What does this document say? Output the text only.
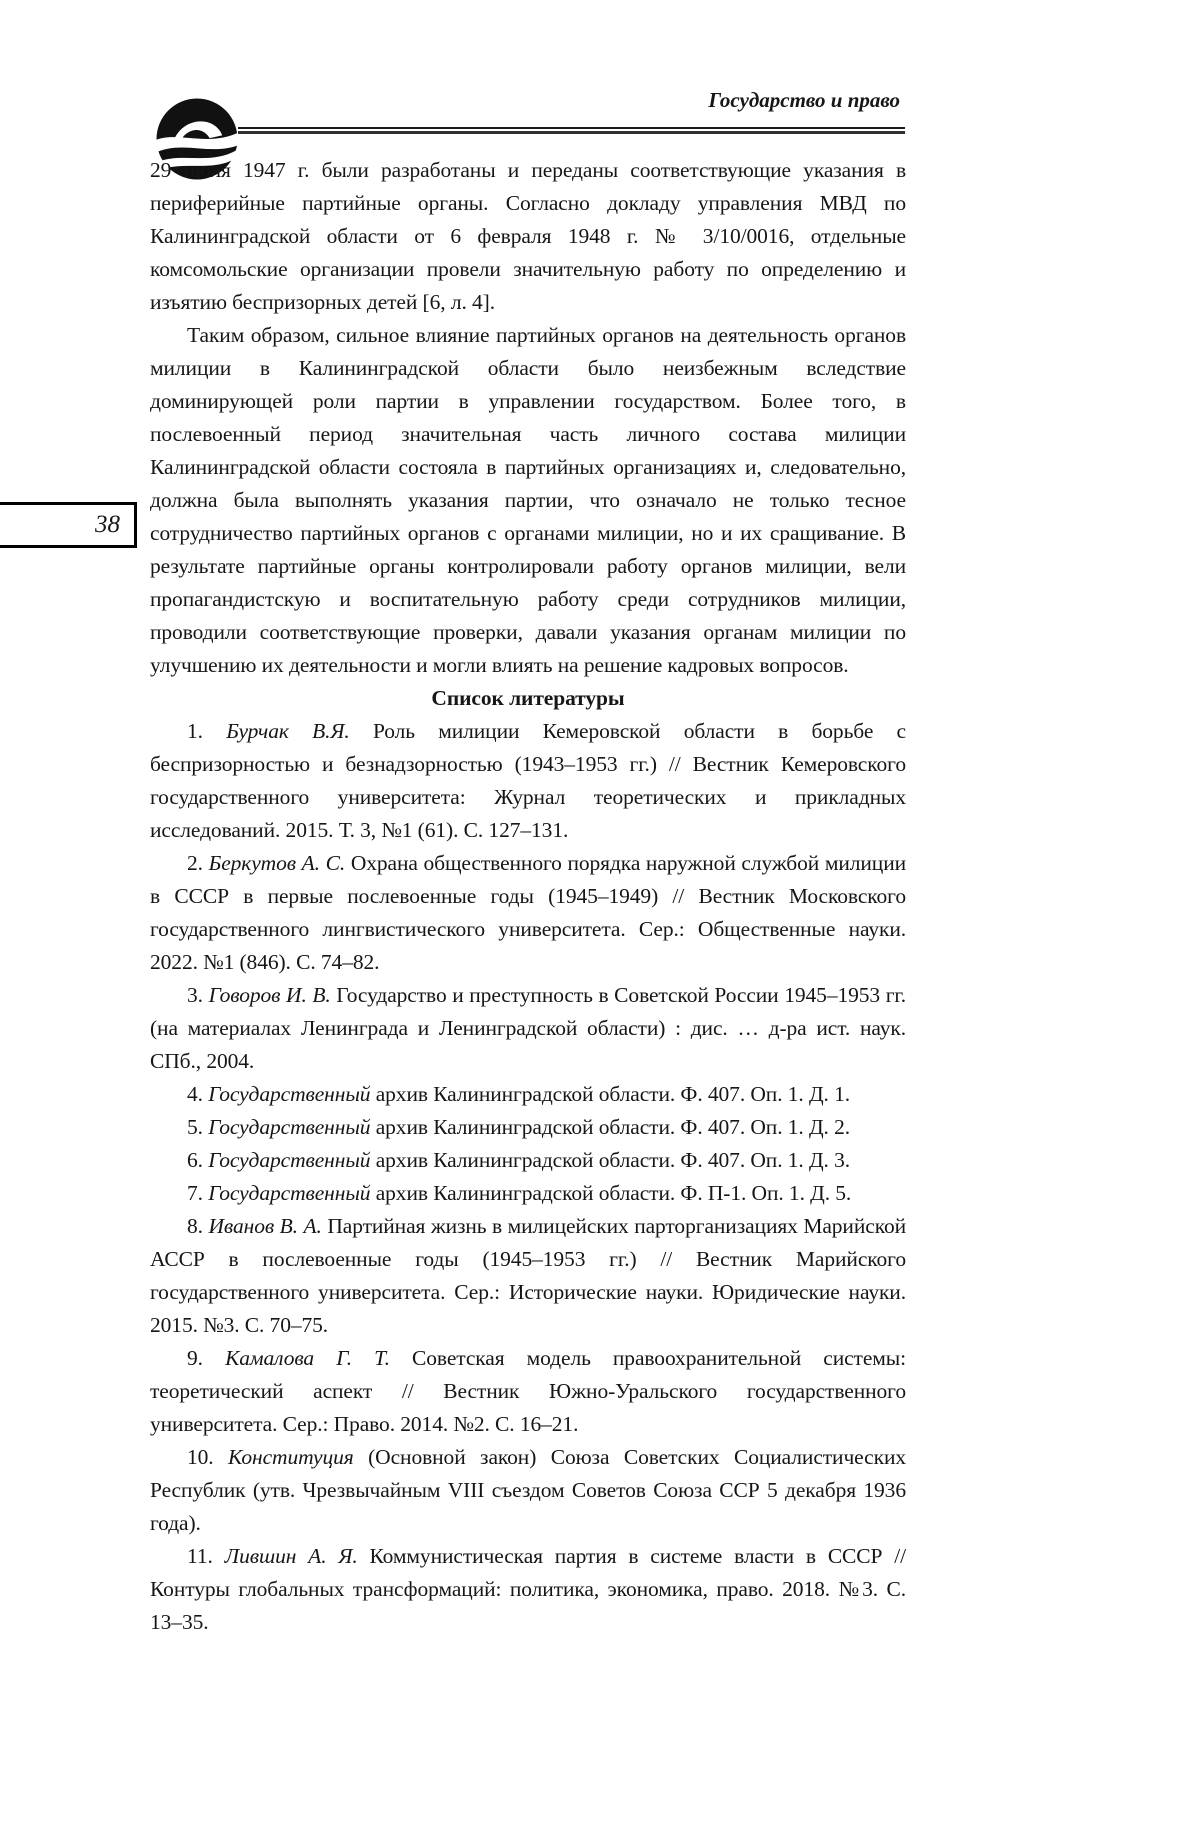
Государство и право
38

29 июля 1947 г. были разработаны и переданы соответствующие указания в периферийные партийные органы. Согласно докладу управления МВД по Калининградской области от 6 февраля 1948 г. № 3/10/0016, отдельные комсомольские организации провели значительную работу по определению и изъятию беспризорных детей [6, л. 4].

Таким образом, сильное влияние партийных органов на деятельность органов милиции в Калининградской области было неизбежным вследствие доминирующей роли партии в управлении государством. Более того, в послевоенный период значительная часть личного состава милиции Калининградской области состояла в партийных организациях и, следовательно, должна была выполнять указания партии, что означало не только тесное сотрудничество партийных органов с органами милиции, но и их сращивание. В результате партийные органы контролировали работу органов милиции, вели пропагандистскую и воспитательную работу среди сотрудников милиции, проводили соответствующие проверки, давали указания органам милиции по улучшению их деятельности и могли влиять на решение кадровых вопросов.

Список литературы

1. Бурчак В.Я. Роль милиции Кемеровской области в борьбе с беспризорностью и безнадзорностью (1943–1953 гг.) // Вестник Кемеровского государственного университета: Журнал теоретических и прикладных исследований. 2015. Т. 3, №1 (61). С. 127–131.
2. Беркутов А. С. Охрана общественного порядка наружной службой милиции в СССР в первые послевоенные годы (1945–1949) // Вестник Московского государственного лингвистического университета. Сер.: Общественные науки. 2022. №1 (846). С. 74–82.
3. Говоров И. В. Государство и преступность в Советской России 1945–1953 гг. (на материалах Ленинграда и Ленинградской области) : дис. … д-ра ист. наук. СПб., 2004.
4. Государственный архив Калининградской области. Ф. 407. Оп. 1. Д. 1.
5. Государственный архив Калининградской области. Ф. 407. Оп. 1. Д. 2.
6. Государственный архив Калининградской области. Ф. 407. Оп. 1. Д. 3.
7. Государственный архив Калининградской области. Ф. П-1. Оп. 1. Д. 5.
8. Иванов В. А. Партийная жизнь в милицейских парторганизациях Марийской АССР в послевоенные годы (1945–1953 гг.) // Вестник Марийского государственного университета. Сер.: Исторические науки. Юридические науки. 2015. №3. С. 70–75.
9. Камалова Г. Т. Советская модель правоохранительной системы: теоретический аспект // Вестник Южно-Уральского государственного университета. Сер.: Право. 2014. №2. С. 16–21.
10. Конституция (Основной закон) Союза Советских Социалистических Республик (утв. Чрезвычайным VIII съездом Советов Союза ССР 5 декабря 1936 года).
11. Лившин А. Я. Коммунистическая партия в системе власти в СССР // Контуры глобальных трансформаций: политика, экономика, право. 2018. №3. С. 13–35.
